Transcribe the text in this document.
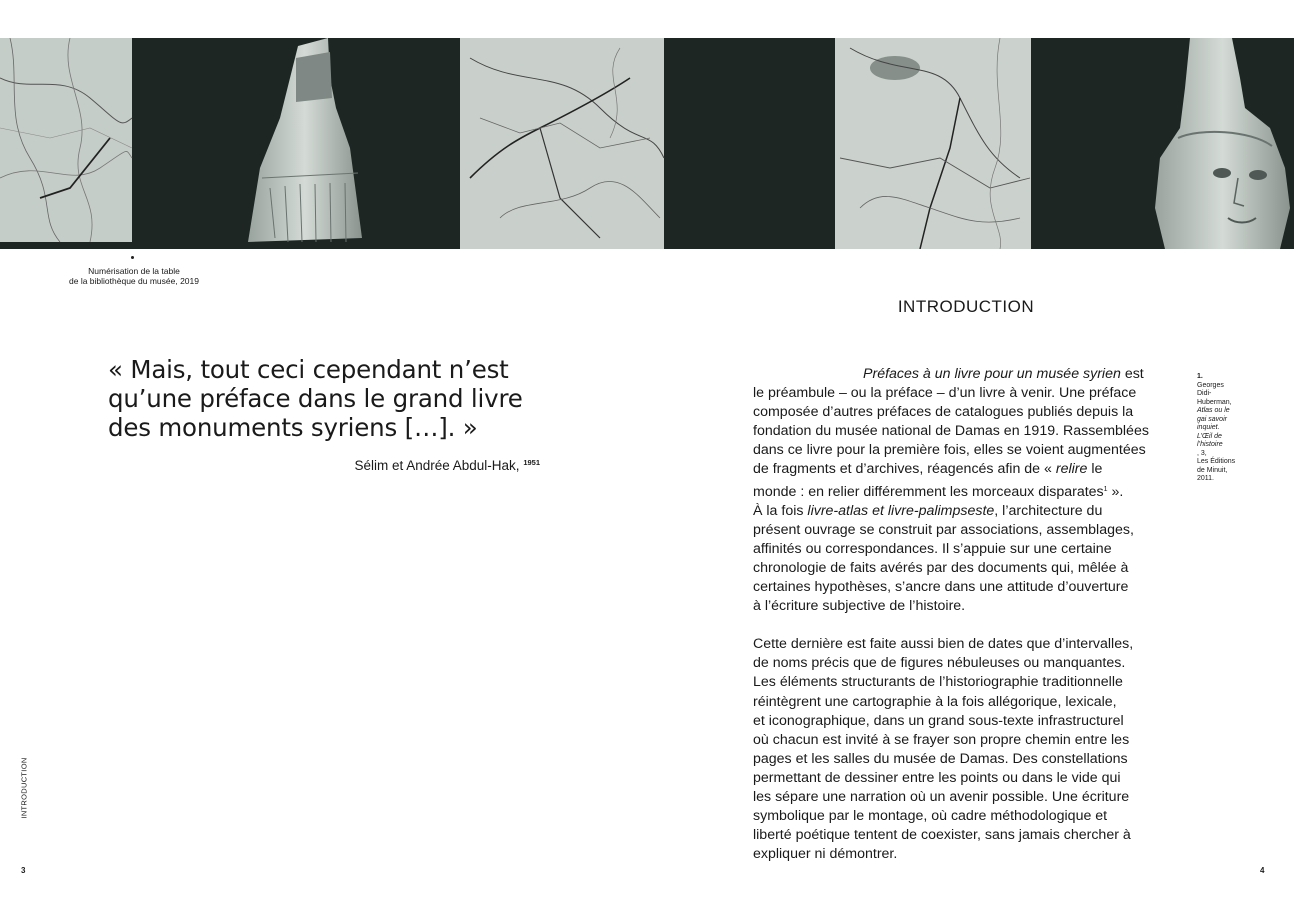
Numérisation de la table
de la bibliothèque du musée, 2019
« Mais, tout ceci cependant n’est
qu’une préface dans le grand livre
des monuments syriens […]. »
Sélim et Andrée Abdul-Hak, $^{1951}$
INTRODUCTION
Préfaces à un livre pour un musée syrien est
le préambule – ou la préface – d’un livre à venir. Une préface
composée d’autres préfaces de catalogues publiés depuis la
fondation du musée national de Damas en 1919. Rassemblées
dans ce livre pour la première fois, elles se voient augmentées
de fragments et d’archives, réagencés afin de « relire le
monde : en relier différemment les morceaux disparates$^1$ ».
À la fois livre-atlas et livre-palimpseste, l’architecture du
présent ouvrage se construit par associations, assemblages,
affinités ou correspondances. Il s’appuie sur une certaine
chronologie de faits avérés par des documents qui, mêlée à
certaines hypothèses, s’ancre dans une attitude d’ouverture
à l’écriture subjective de l’histoire.
Cette dernière est faite aussi bien de dates que d’intervalles,
de noms précis que de figures nébuleuses ou manquantes.
Les éléments structurants de l’historiographie traditionnelle
réintègrent une cartographie à la fois allégorique, lexicale,
et iconographique, dans un grand sous-texte infrastructurel
où chacun est invité à se frayer son propre chemin entre les
pages et les salles du musée de Damas. Des constellations
permettant de dessiner entre les points ou dans le vide qui
les sépare une narration où un avenir possible. Une écriture
symbolique par le montage, où cadre méthodologique et
liberté poétique tentent de coexister, sans jamais chercher à
expliquer ni démontrer.
1.
Georges
Didi-
Huberman,
Atlas ou le
gai savoir
inquiet.
L’Œil de
l’histoire
, 3,
Les Éditions
de Minuit,
2011.
INTRODUCTION
3	4
